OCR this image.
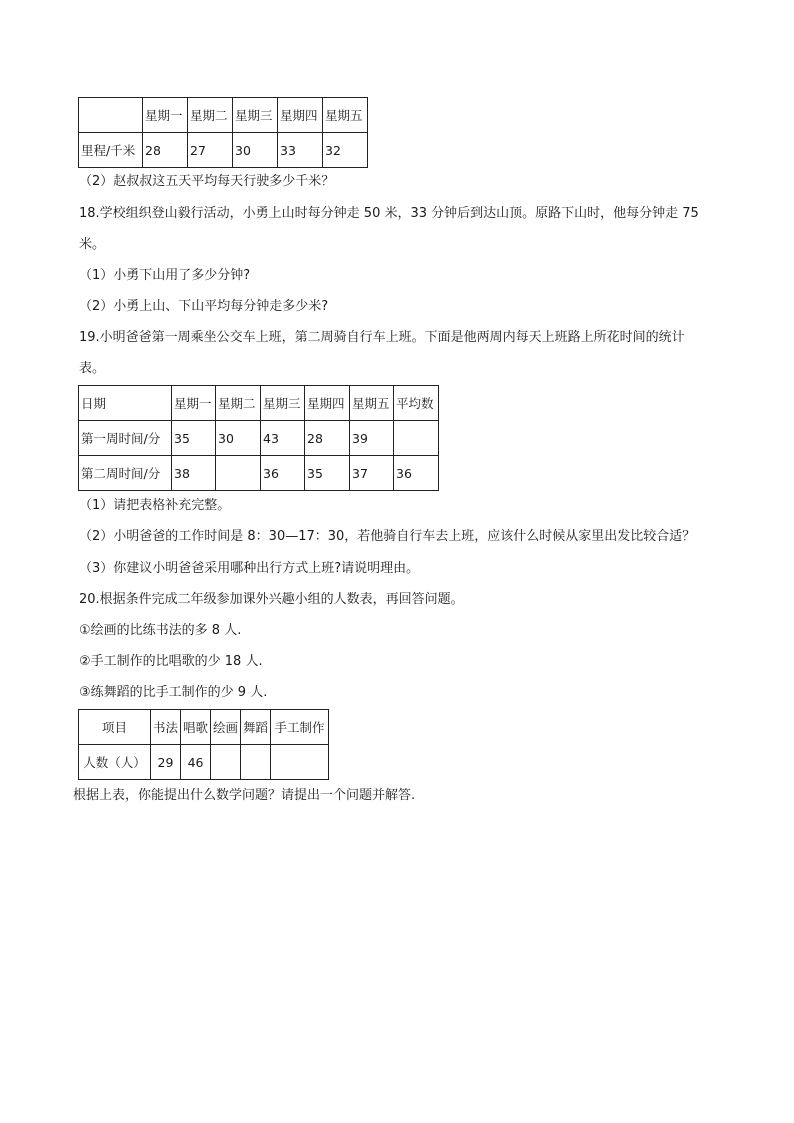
	星期一	星期二	星期三	星期四	星期五
里程/千米	28	27	30	33	32
（2）赵叔叔这五天平均每天行驶多少千米？
18.学校组织登山毅行活动，小勇上山时每分钟走 50 米，33 分钟后到达山顶。原路下山时，他每分钟走 75
米。
（1）小勇下山用了多少分钟?
（2）小勇上山、下山平均每分钟走多少米?
19.小明爸爸第一周乘坐公交车上班，第二周骑自行车上班。下面是他两周内每天上班路上所花时间的统计
表。
日期	星期一	星期二	星期三	星期四	星期五	平均数
第一周时间/分	35	30	43	28	39	
第二周时间/分	38		36	35	37	36
（1）请把表格补充完整。
（2）小明爸爸的工作时间是 8：30—17：30，若他骑自行车去上班，应该什么时候从家里出发比较合适？
（3）你建议小明爸爸采用哪种出行方式上班?请说明理由。
20.根据条件完成二年级参加课外兴趣小组的人数表，再回答问题。
①绘画的比练书法的多 8 人.
②手工制作的比唱歌的少 18 人.
③练舞蹈的比手工制作的少 9 人.
项目	书法	唱歌	绘画	舞蹈	手工制作
人数（人）	29	46			
根据上表，你能提出什么数学问题？请提出一个问题并解答.
